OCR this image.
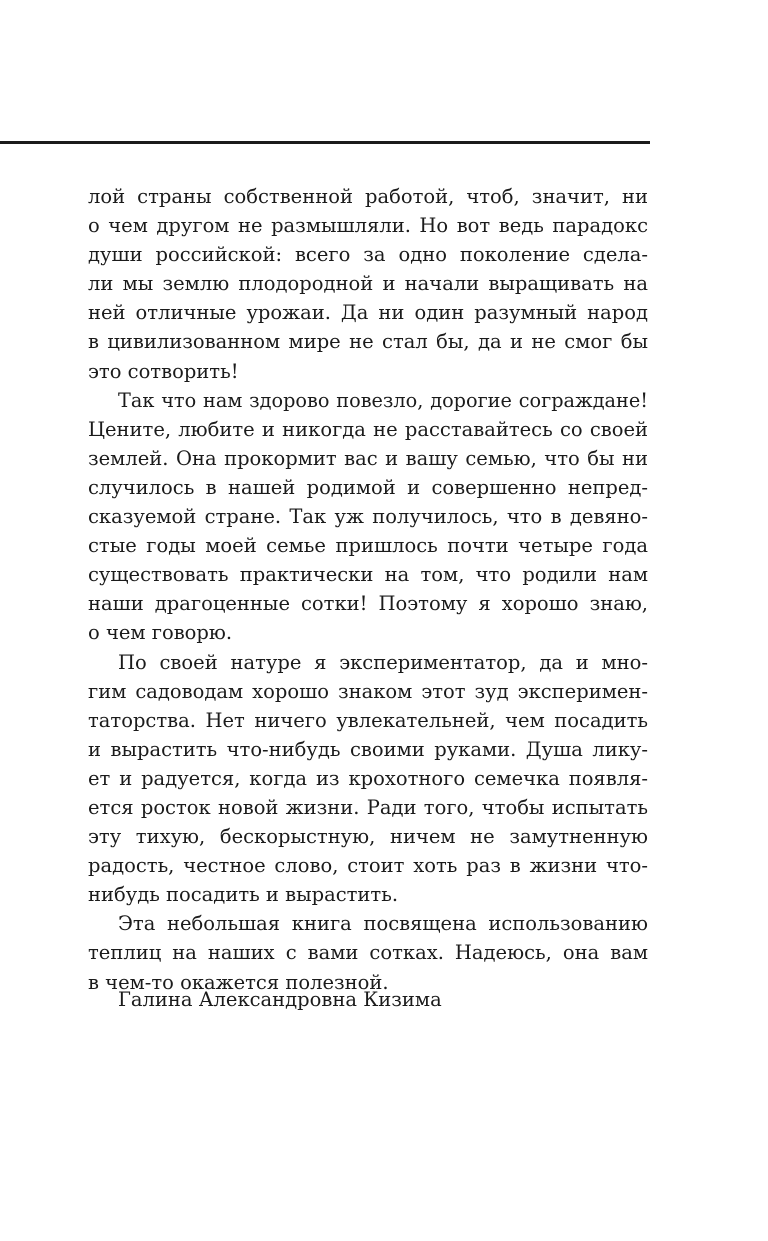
лой страны собственной работой, чтоб, значит, ни
о чем другом не размышляли. Но вот ведь парадокс
души российской: всего за одно поколение сдела-
ли мы землю плодородной и начали выращивать на
ней отличные урожаи. Да ни один разумный народ
в цивилизованном мире не стал бы, да и не смог бы
это сотворить!

Так что нам здорово повезло, дорогие сограждане!
Цените, любите и никогда не расставайтесь со своей
землей. Она прокормит вас и вашу семью, что бы ни
случилось в нашей родимой и совершенно непред-
сказуемой стране. Так уж получилось, что в девяно-
стые годы моей семье пришлось почти четыре года
существовать практически на том, что родили нам
наши драгоценные сотки! Поэтому я хорошо знаю,
о чем говорю.

По своей натуре я экспериментатор, да и мно-
гим садоводам хорошо знаком этот зуд эксперимен-
таторства. Нет ничего увлекательней, чем посадить
и вырастить что-нибудь своими руками. Душа лику-
ет и радуется, когда из крохотного семечка появля-
ется росток новой жизни. Ради того, чтобы испытать
эту тихую, бескорыстную, ничем не замутненную
радость, честное слово, стоит хоть раз в жизни что-
нибудь посадить и вырастить.

Эта небольшая книга посвящена использованию
теплиц на наших с вами сотках. Надеюсь, она вам
в чем-то окажется полезной.

Галина Александровна Кизима
